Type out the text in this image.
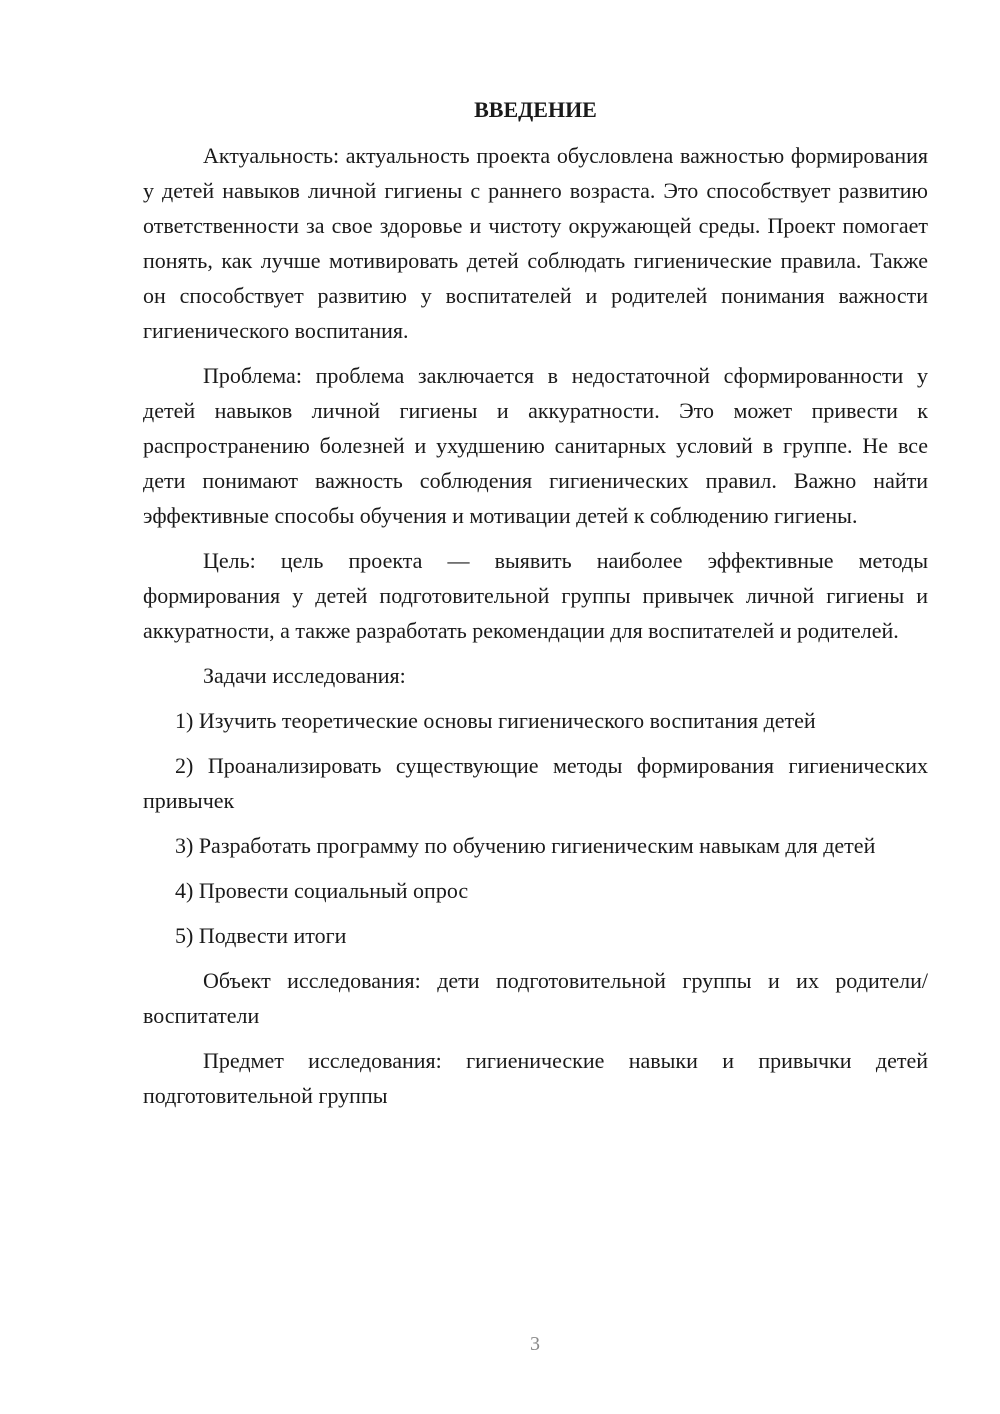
ВВЕДЕНИЕ

Актуальность: актуальность проекта обусловлена важностью формирования у детей навыков личной гигиены с раннего возраста. Это способствует развитию ответственности за свое здоровье и чистоту окружающей среды. Проект помогает понять, как лучше мотивировать детей соблюдать гигиенические правила. Также он способствует развитию у воспитателей и родителей понимания важности гигиенического воспитания.

Проблема: проблема заключается в недостаточной сформированности у детей навыков личной гигиены и аккуратности. Это может привести к распространению болезней и ухудшению санитарных условий в группе. Не все дети понимают важность соблюдения гигиенических правил. Важно найти эффективные способы обучения и мотивации детей к соблюдению гигиены.

Цель: цель проекта — выявить наиболее эффективные методы формирования у детей подготовительной группы привычек личной гигиены и аккуратности, а также разработать рекомендации для воспитателей и родителей.

Задачи исследования:

1) Изучить теоретические основы гигиенического воспитания детей

2) Проанализировать существующие методы формирования гигиенических привычек

3) Разработать программу по обучению гигиеническим навыкам для детей

4) Провести социальный опрос

5) Подвести итоги

Объект исследования: дети подготовительной группы и их родители/воспитатели

Предмет исследования: гигиенические навыки и привычки детей подготовительной группы

3
